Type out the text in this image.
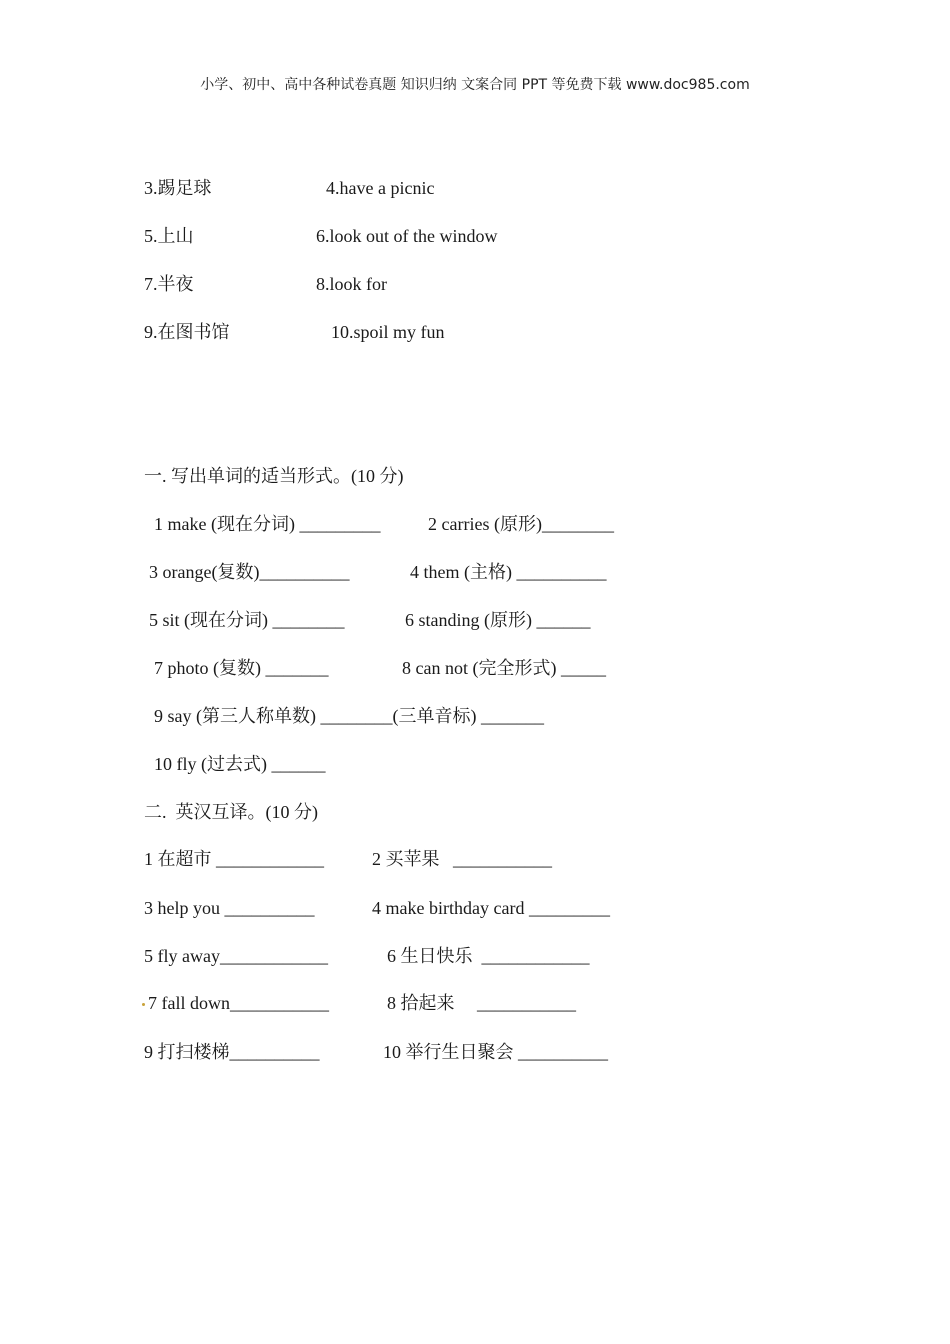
小学、初中、高中各种试卷真题 知识归纳 文案合同 PPT 等免费下载 www.doc985.com
3.踢足球	4.have a picnic
5.上山	6.look out of the window
7.半夜	8.look for
9.在图书馆	10.spoil my fun
一. 写出单词的适当形式。(10 分)
1 make (现在分词) _________	2 carries (原形)________
3 orange(复数)__________	4 them (主格) __________
5 sit (现在分词) ________	6 standing (原形) ______
7 photo (复数) _______	8 can not (完全形式) _____
9 say (第三人称单数) ________(三单音标) _______
10 fly (过去式) ______
二.  英汉互译。(10 分)
1 在超市 ____________	2 买苹果   ___________
3 help you __________	4 make birthday card _________
5 fly away____________	6 生日快乐  ____________
7 fall down___________	8 拾起来     ___________
9 打扫楼梯__________	10 举行生日聚会 __________
